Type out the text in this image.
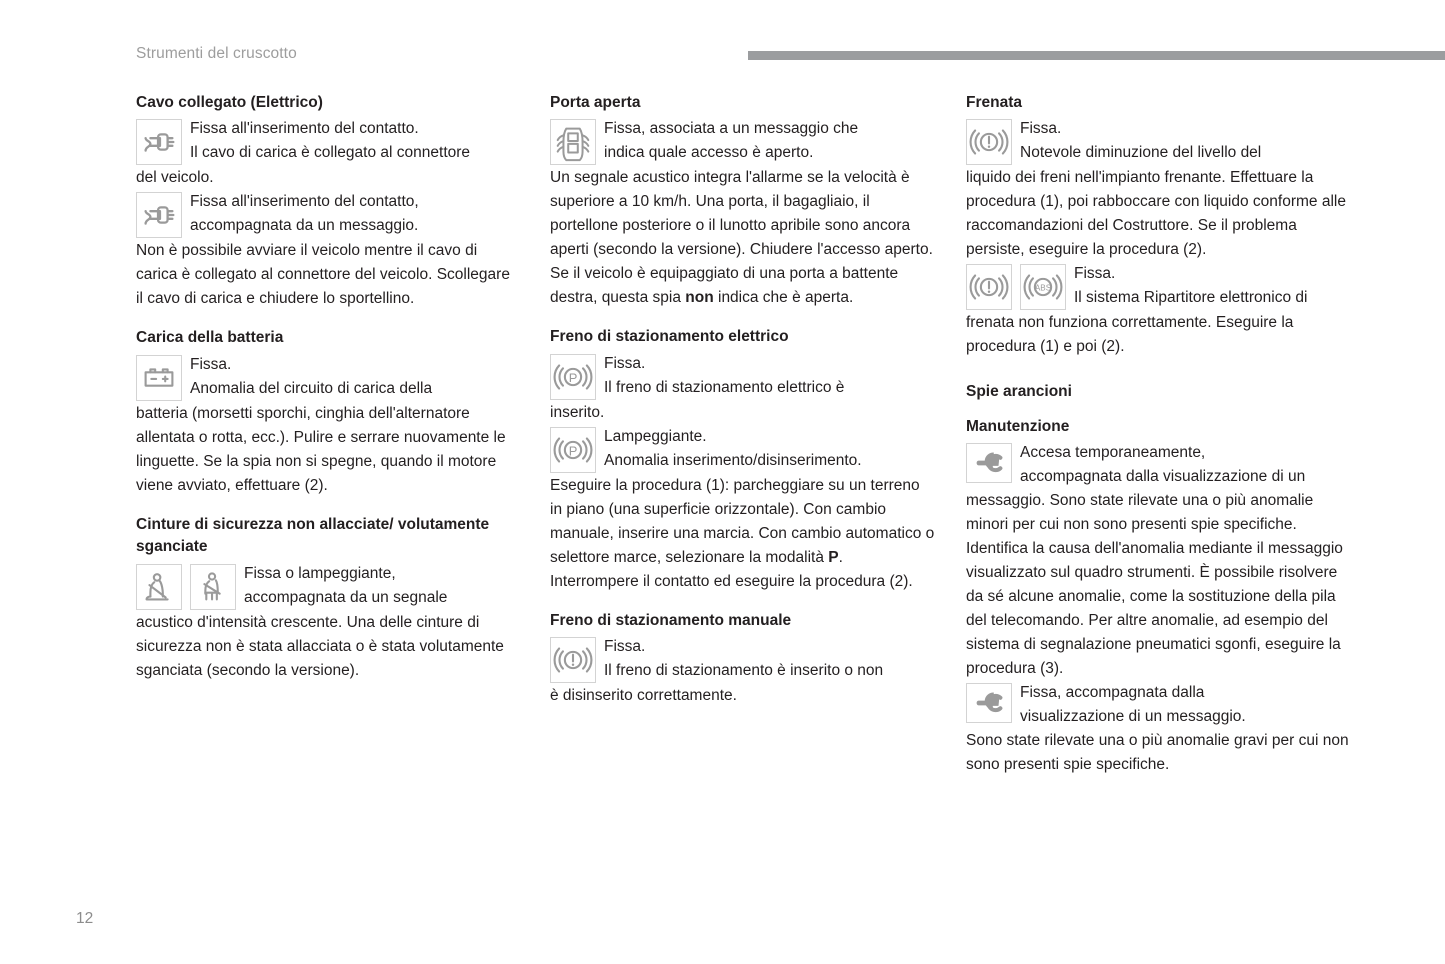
Strumenti del cruscotto
Cavo collegato (Elettrico)

Fissa all'inserimento del contatto.

Il cavo di carica è collegato al connettore

del veicolo.

Fissa all'inserimento del contatto,

accompagnata da un messaggio.

Non è possibile avviare il veicolo mentre il cavo di carica è collegato al connettore del veicolo. Scollegare il cavo di carica e chiudere lo sportellino.

Carica della batteria

Fissa.

Anomalia del circuito di carica della

batteria (morsetti sporchi, cinghia dell'alternatore allentata o rotta, ecc.). Pulire e serrare nuovamente le linguette. Se la spia non si spegne, quando il motore viene avviato, effettuare (2).

Cinture di sicurezza non allacciate/ volutamente sganciate

Fissa o lampeggiante,

accompagnata da un segnale

acustico d'intensità crescente. Una delle cinture di sicurezza non è stata allacciata o è stata volutamente sganciata (secondo la versione).

Porta aperta

Fissa, associata a un messaggio che

indica quale accesso è aperto.

Un segnale acustico integra l'allarme se la velocità è superiore a 10 km/h. Una porta, il bagagliaio, il portellone posteriore o il lunotto apribile sono ancora aperti (secondo la versione). Chiudere l'accesso aperto. Se il veicolo è equipaggiato di una porta a battente destra, questa spia non indica che è aperta.

Freno di stazionamento elettrico
P

Fissa.

Il freno di stazionamento elettrico è

inserito.

P

Lampeggiante.

Anomalia inserimento/disinserimento.

Eseguire la procedura (1): parcheggiare su un terreno in piano (una superficie orizzontale). Con cambio manuale, inserire una marcia. Con cambio automatico o selettore marce, selezionare la modalità P. Interrompere il contatto ed eseguire la procedura (2).

Freno di stazionamento manuale

Fissa.

Il freno di stazionamento è inserito o non

è disinserito correttamente.

Frenata

Fissa.

Notevole diminuzione del livello del

liquido dei freni nell'impianto frenante. Effettuare la procedura (1), poi rabboccare con liquido conforme alle raccomandazioni del Costruttore. Se il problema persiste, eseguire la procedura (2).

ABS

Fissa.

Il sistema Ripartitore elettronico di

frenata non funziona correttamente. Eseguire la procedura (1) e poi (2).

Spie arancioni
Manutenzione

Accesa temporaneamente,

accompagnata dalla visualizzazione di un

messaggio. Sono state rilevate una o più anomalie minori per cui non sono presenti spie specifiche. Identifica la causa dell'anomalia mediante il messaggio visualizzato sul quadro strumenti. È possibile risolvere da sé alcune anomalie, come la sostituzione della pila del telecomando. Per altre anomalie, ad esempio del sistema di segnalazione pneumatici sgonfi, eseguire la procedura (3).

Fissa, accompagnata dalla

visualizzazione di un messaggio.

Sono state rilevate una o più anomalie gravi per cui non sono presenti spie specifiche.

12
